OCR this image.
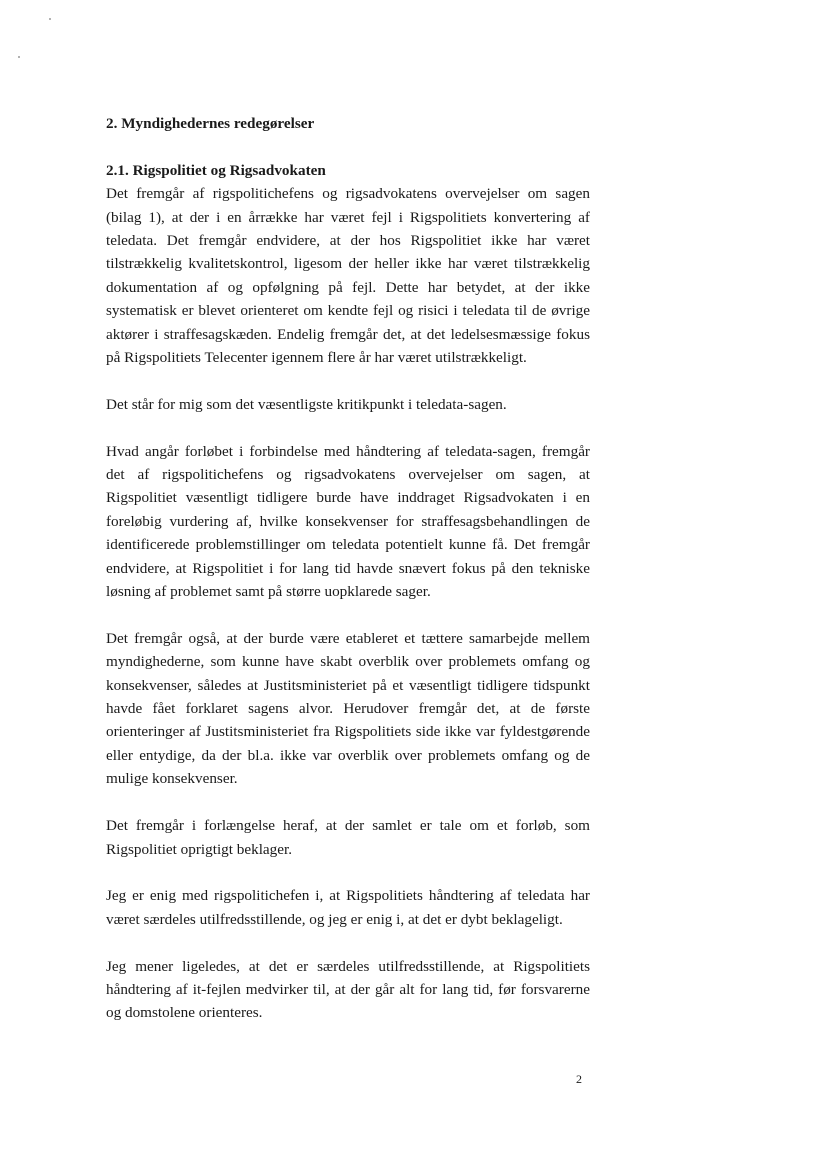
2. Myndighedernes redegørelser
2.1. Rigspolitiet og Rigsadvokaten

Det fremgår af rigspolitichefens og rigsadvokatens overvejelser om sagen (bilag 1), at der i en årrække har været fejl i Rigspolitiets konvertering af teledata. Det fremgår endvidere, at der hos Rigspolitiet ikke har været tilstrækkelig kvalitetskontrol, ligesom der heller ikke har været tilstrækkelig dokumentation af og opfølgning på fejl. Dette har betydet, at der ikke systematisk er blevet orienteret om kendte fejl og risici i teledata til de øvrige aktører i straffesagskæden. Endelig fremgår det, at det ledelsesmæssige fokus på Rigspolitiets Telecenter igennem flere år har været utilstrækkeligt.

Det står for mig som det væsentligste kritikpunkt i teledata-sagen.

Hvad angår forløbet i forbindelse med håndtering af teledata-sagen, fremgår det af rigspolitichefens og rigsadvokatens overvejelser om sagen, at Rigspolitiet væsentligt tidligere burde have inddraget Rigsadvokaten i en foreløbig vurdering af, hvilke konsekvenser for straffesagsbehandlingen de identificerede problemstillinger om teledata potentielt kunne få. Det fremgår endvidere, at Rigspolitiet i for lang tid havde snævert fokus på den tekniske løsning af problemet samt på større uopklarede sager.

Det fremgår også, at der burde være etableret et tættere samarbejde mellem myndighederne, som kunne have skabt overblik over problemets omfang og konsekvenser, således at Justitsministeriet på et væsentligt tidligere tidspunkt havde fået forklaret sagens alvor. Herudover fremgår det, at de første orienteringer af Justitsministeriet fra Rigspolitiets side ikke var fyldestgørende eller entydige, da der bl.a. ikke var overblik over problemets omfang og de mulige konsekvenser.

Det fremgår i forlængelse heraf, at der samlet er tale om et forløb, som Rigspolitiet oprigtigt beklager.

Jeg er enig med rigspolitichefen i, at Rigspolitiets håndtering af teledata har været særdeles utilfredsstillende, og jeg er enig i, at det er dybt beklageligt.

Jeg mener ligeledes, at det er særdeles utilfredsstillende, at Rigspolitiets håndtering af it-fejlen medvirker til, at der går alt for lang tid, før forsvarerne og domstolene orienteres.

2
